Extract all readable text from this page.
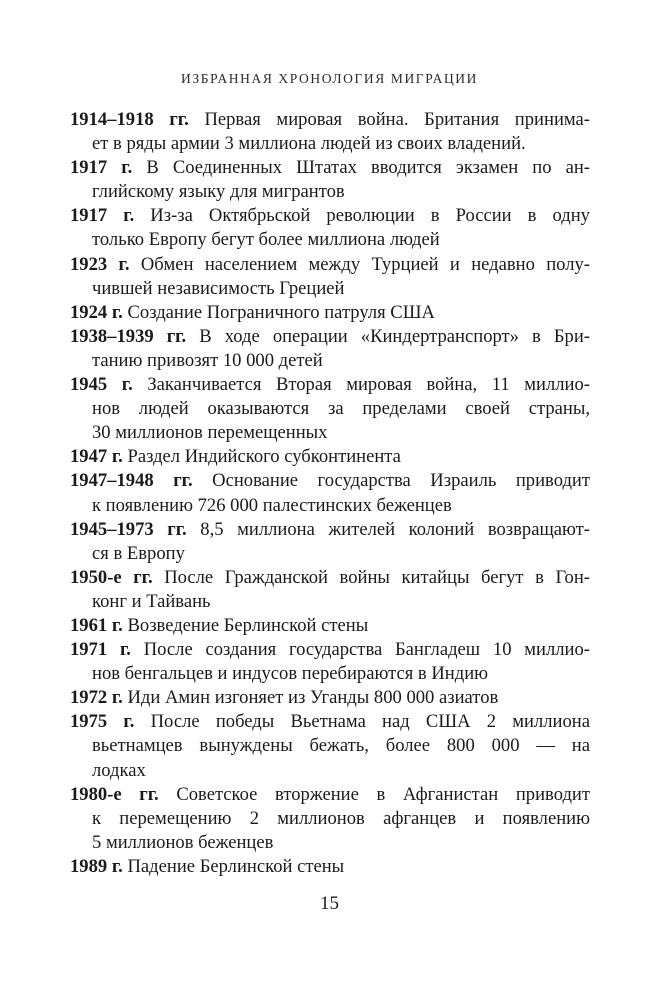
ИЗБРАННАЯ ХРОНОЛОГИЯ МИГРАЦИИ
1914–1918 гг. Первая мировая война. Британия принима-
ет в ряды армии 3 миллиона людей из своих владений.
1917 г. В Соединенных Штатах вводится экзамен по ан-
глийскому языку для мигрантов
1917 г. Из-за Октябрьской революции в России в одну
только Европу бегут более миллиона людей
1923 г. Обмен населением между Турцией и недавно полу-
чившей независимость Грецией
1924 г. Создание Пограничного патруля США
1938–1939 гг. В ходе операции «Киндертранспорт» в Бри-
танию привозят 10 000 детей
1945 г. Заканчивается Вторая мировая война, 11 миллио-
нов людей оказываются за пределами своей страны,
30 миллионов перемещенных
1947 г. Раздел Индийского субконтинента
1947–1948 гг. Основание государства Израиль приводит
к появлению 726 000 палестинских беженцев
1945–1973 гг. 8,5 миллиона жителей колоний возвращают-
ся в Европу
1950-е гг. После Гражданской войны китайцы бегут в Гон-
конг и Тайвань
1961 г. Возведение Берлинской стены
1971 г. После создания государства Бангладеш 10 миллио-
нов бенгальцев и индусов перебираются в Индию
1972 г. Иди Амин изгоняет из Уганды 800 000 азиатов
1975 г. После победы Вьетнама над США 2 миллиона
вьетнамцев вынуждены бежать, более 800 000 — на
лодках
1980-е гг. Советское вторжение в Афганистан приводит
к перемещению 2 миллионов афганцев и появлению
5 миллионов беженцев
1989 г. Падение Берлинской стены
15
